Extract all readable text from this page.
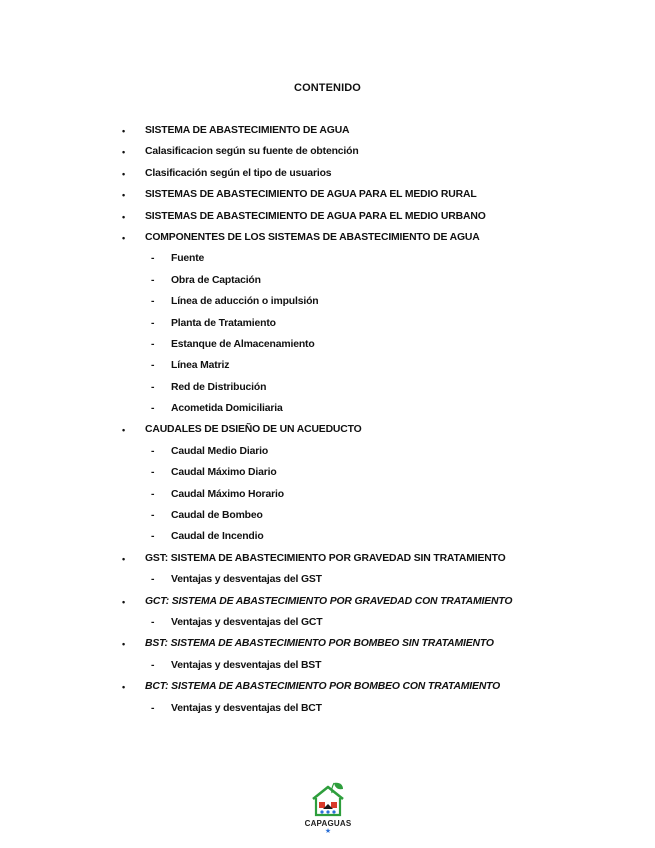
CONTENIDO
• SISTEMA DE ABASTECIMIENTO DE AGUA
• Calasificacion según su fuente de obtención
• Clasificación según el tipo de usuarios
• SISTEMAS DE ABASTECIMIENTO DE AGUA PARA EL MEDIO RURAL
• SISTEMAS DE ABASTECIMIENTO DE AGUA PARA EL MEDIO URBANO
• COMPONENTES DE LOS SISTEMAS DE ABASTECIMIENTO DE AGUA
- Fuente
- Obra de Captación
- Línea de aducción o impulsión
- Planta de Tratamiento
- Estanque de Almacenamiento
- Línea Matriz
- Red de Distribución
- Acometida Domiciliaria
• CAUDALES DE DSIEÑO DE UN ACUEDUCTO
- Caudal Medio Diario
- Caudal Máximo Diario
- Caudal Máximo Horario
- Caudal de Bombeo
- Caudal de Incendio
• GST: SISTEMA DE ABASTECIMIENTO POR GRAVEDAD SIN TRATAMIENTO
- Ventajas y desventajas del GST
• GCT: SISTEMA DE ABASTECIMIENTO POR GRAVEDAD CON TRATAMIENTO
- Ventajas y desventajas del GCT
• BST: SISTEMA DE ABASTECIMIENTO POR BOMBEO SIN TRATAMIENTO
- Ventajas y desventajas del BST
• BCT: SISTEMA DE ABASTECIMIENTO POR BOMBEO CON TRATAMIENTO
- Ventajas y desventajas del BCT
CAPAGUAS
★
